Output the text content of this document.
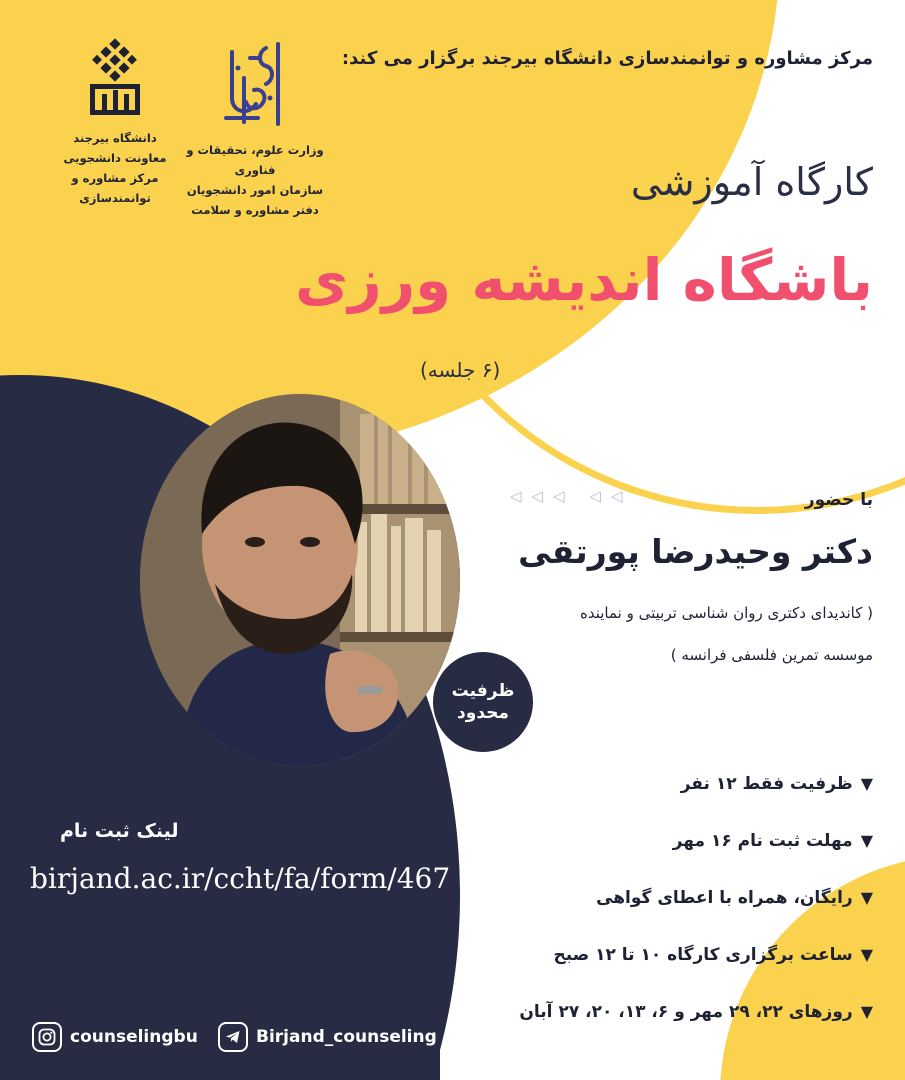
مرکز مشاوره و توانمندسازی دانشگاه بیرجند برگزار می کند:
دانشگاه بیرجند
معاونت دانشجویی
مرکز مشاوره و توانمندسازی
وزارت علوم، تحقیقات و فناوری
سازمان امور دانشجویان
دفتر مشاوره و سلامت
کارگاه آموزشی
باشگاه اندیشه ورزی
(۶ جلسه)
ظرفیت
محدود
◁◁◁ ◁◁	با حضور
دکتر وحیدرضا پورتقی
( کاندیدای دکتری روان شناسی تربیتی و نماینده
موسسه تمرین فلسفی فرانسه )
▼
ظرفیت فقط ۱۲ نفر
▼
مهلت ثبت نام ۱۶ مهر
▼
رایگان، همراه با اعطای گواهی
▼
ساعت برگزاری کارگاه ۱۰ تا ۱۲ صبح
▼
روزهای ۲۲، ۲۹ مهر و ۶، ۱۳، ۲۰، ۲۷ آبان
لینک ثبت نام
birjand.ac.ir/ccht/fa/form/467
counselingbu	Birjand_counseling
